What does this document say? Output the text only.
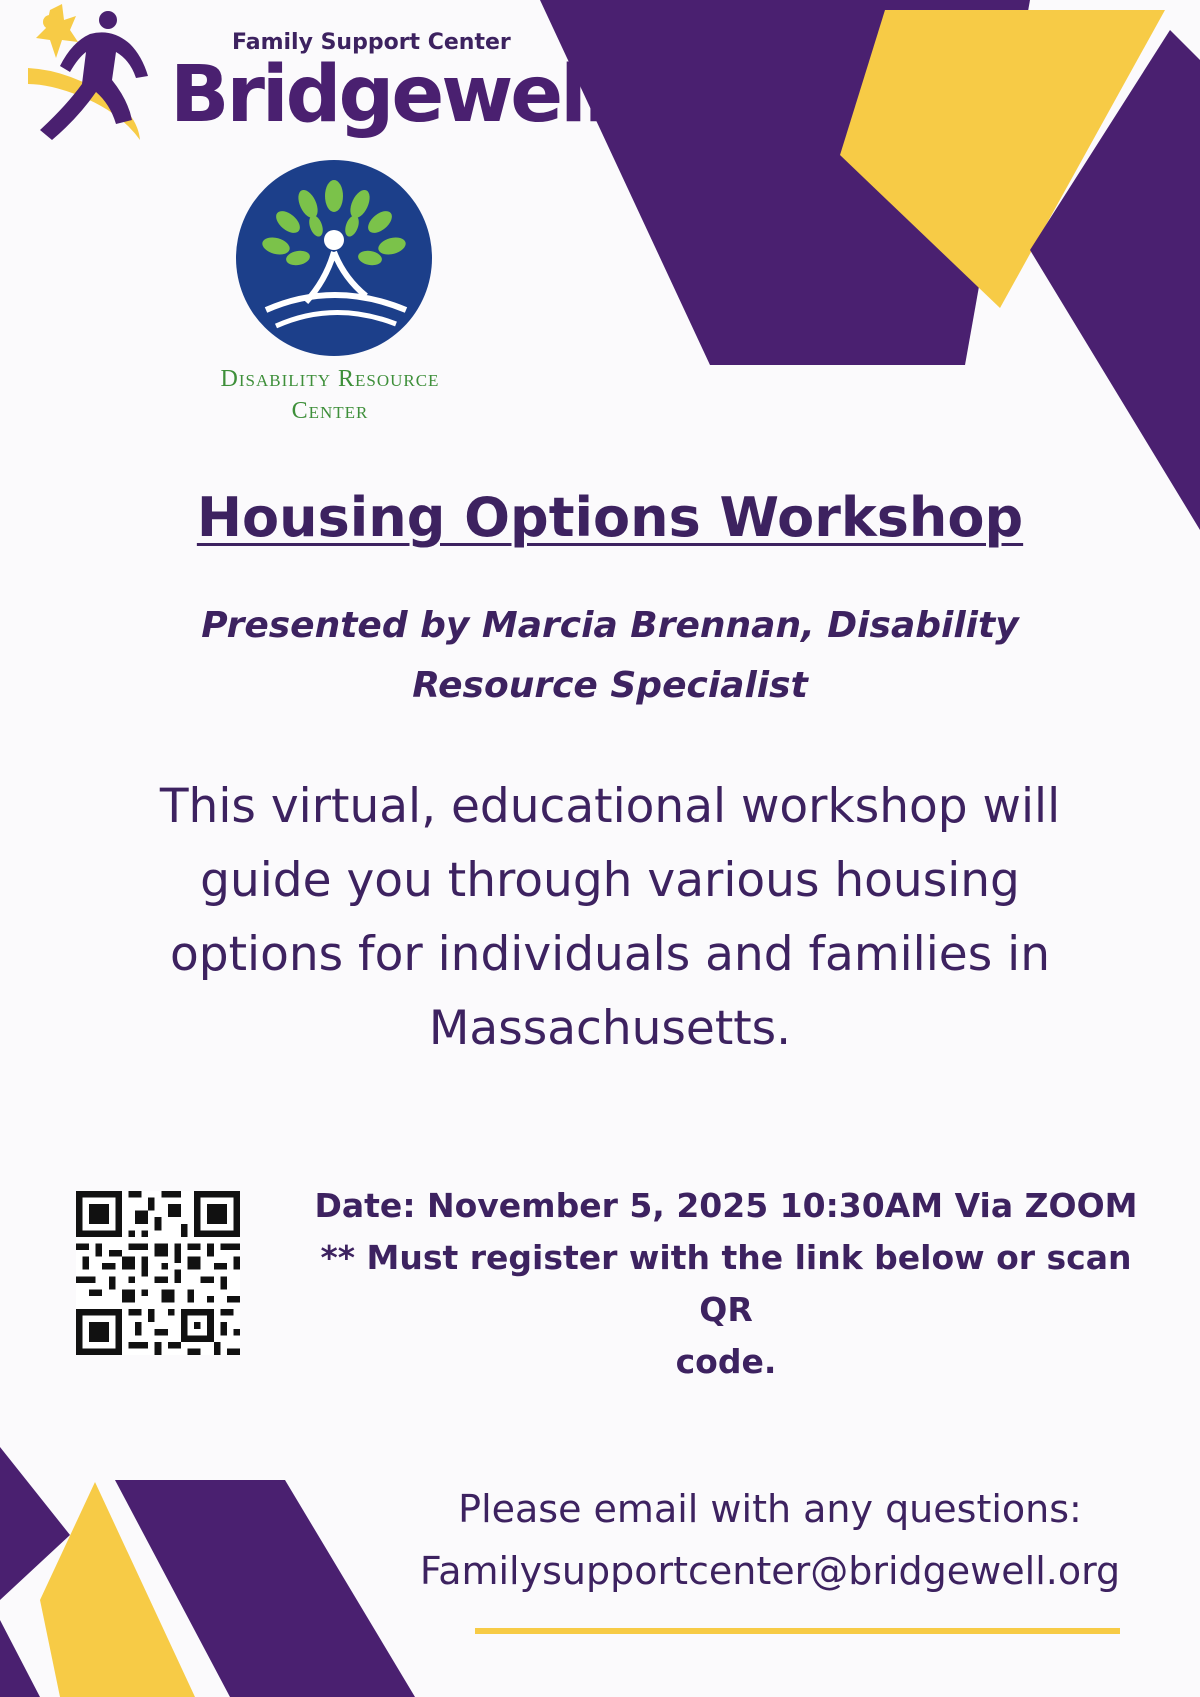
Family Support Center

Bridgewell

Disability Resource
Center

Housing Options Workshop

Presented by Marcia Brennan, Disability
Resource Specialist

This virtual, educational workshop will
guide you through various housing
options for individuals and families in
Massachusetts.

Date: November 5, 2025 10:30AM Via ZOOM
** Must register with the link below or scan QR
code.

Please email with any questions:
Familysupportcenter@bridgewell.org
